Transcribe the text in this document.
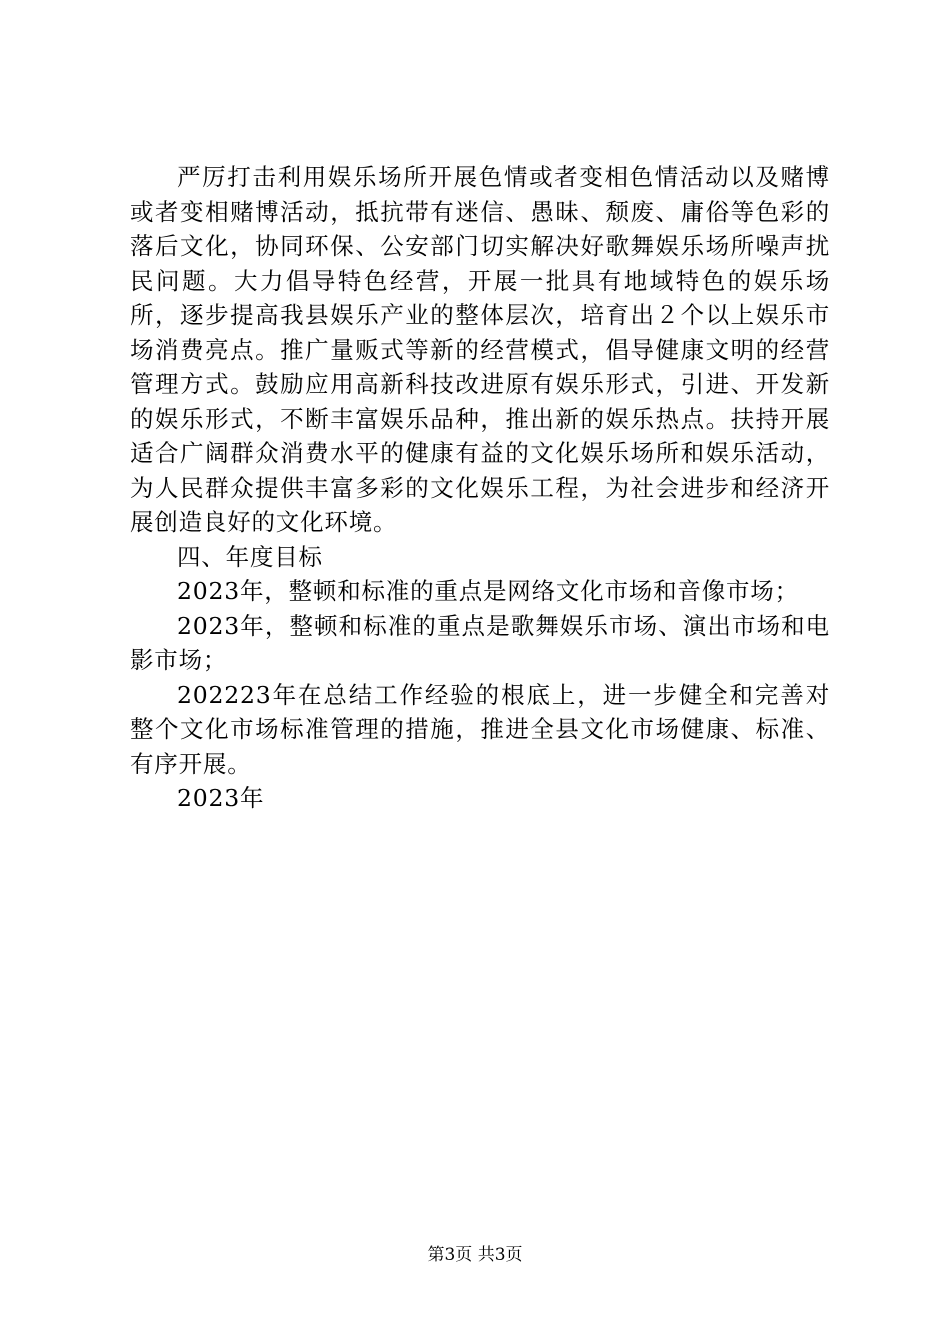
严厉打击利用娱乐场所开展色情或者变相色情活动以及赌博或者变相赌博活动，抵抗带有迷信、愚昧、颓废、庸俗等色彩的落后文化，协同环保、公安部门切实解决好歌舞娱乐场所噪声扰民问题。大力倡导特色经营，开展一批具有地域特色的娱乐场所，逐步提高我县娱乐产业的整体层次，培育出２个以上娱乐市场消费亮点。推广量贩式等新的经营模式，倡导健康文明的经营管理方式。鼓励应用高新科技改进原有娱乐形式，引进、开发新的娱乐形式，不断丰富娱乐品种，推出新的娱乐热点。扶持开展适合广阔群众消费水平的健康有益的文化娱乐场所和娱乐活动，为人民群众提供丰富多彩的文化娱乐工程，为社会进步和经济开展创造良好的文化环境。

四、年度目标

2023年，整顿和标准的重点是网络文化市场和音像市场；

2023年，整顿和标准的重点是歌舞娱乐市场、演出市场和电影市场；

202223年在总结工作经验的根底上，进一步健全和完善对整个文化市场标准管理的措施，推进全县文化市场健康、标准、有序开展。

2023年

第3页 共3页
